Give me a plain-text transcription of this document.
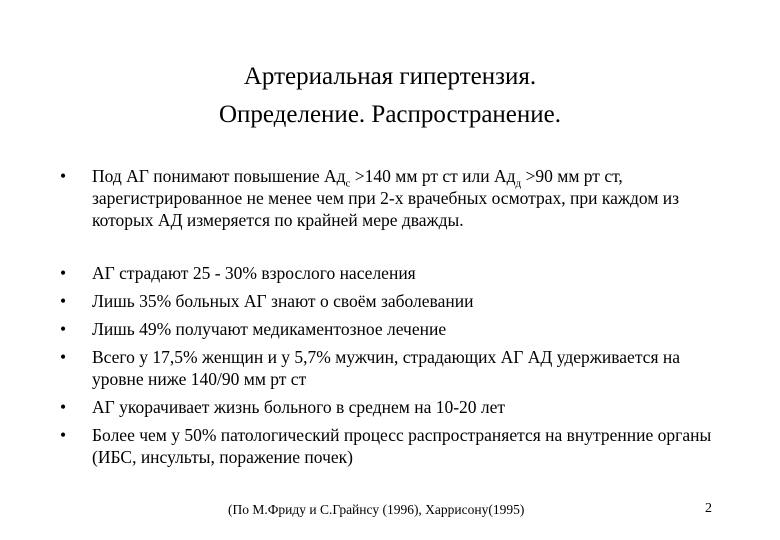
Артериальная гипертензия.
Определение. Распространение.
• Под АГ понимают повышение $Ад_с >140$ мм рт ст или $Ад_д >90$ мм рт ст, зарегистрированное не менее чем при 2-х врачебных осмотрах, при каждом из которых АД измеряется по крайней мере дважды.
• АГ страдают 25 - 30% взрослого населения
• Лишь 35% больных АГ знают о своём заболевании
• Лишь 49% получают медикаментозное лечение
• Всего у 17,5% женщин и у 5,7% мужчин, страдающих АГ АД удерживается на уровне ниже 140/90 мм рт ст
• АГ укорачивает жизнь больного в среднем на 10-20 лет
• Более чем у 50% патологический процесс распространяется на внутренние органы (ИБС, инсульты, поражение почек)
(По М.Фриду и С.Грайнсу (1996), Харрисону(1995)	2
